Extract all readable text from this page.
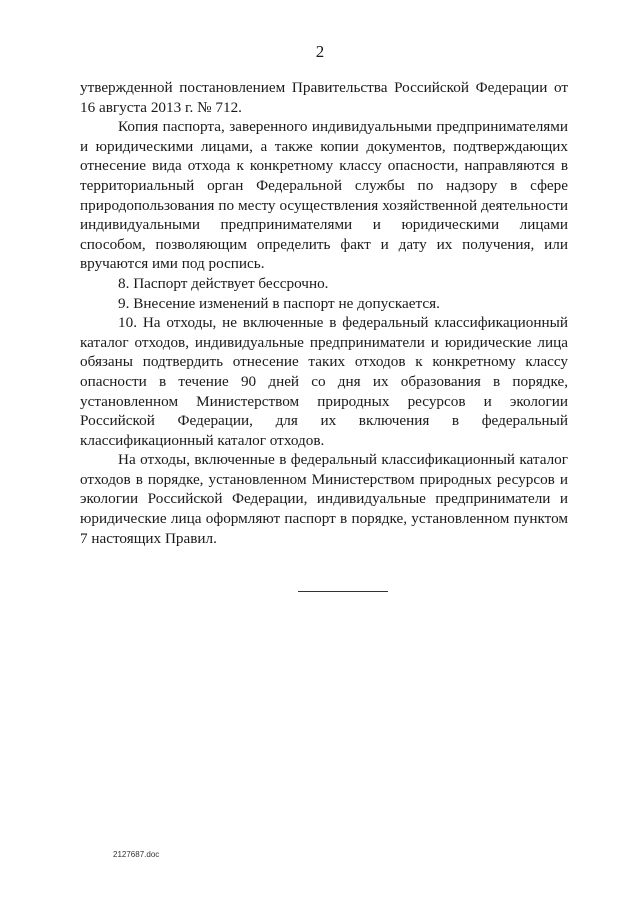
2

утвержденной постановлением Правительства Российской Федерации от 16 августа 2013 г. № 712.

Копия паспорта, заверенного индивидуальными предпринимателями и юридическими лицами, а также копии документов, подтверждающих отнесение вида отхода к конкретному классу опасности, направляются в территориальный орган Федеральной службы по надзору в сфере природопользования по месту осуществления хозяйственной деятельности индивидуальными предпринимателями и юридическими лицами способом, позволяющим определить факт и дату их получения, или вручаются ими под роспись.

8. Паспорт действует бессрочно.

9. Внесение изменений в паспорт не допускается.

10. На отходы, не включенные в федеральный классификационный каталог отходов, индивидуальные предприниматели и юридические лица обязаны подтвердить отнесение таких отходов к конкретному классу опасности в течение 90 дней со дня их образования в порядке, установленном Министерством природных ресурсов и экологии Российской Федерации, для их включения в федеральный классификационный каталог отходов.

На отходы, включенные в федеральный классификационный каталог отходов в порядке, установленном Министерством природных ресурсов и экологии Российской Федерации, индивидуальные предприниматели и юридические лица оформляют паспорт в порядке, установленном пунктом 7 настоящих Правил.

2127687.doc
